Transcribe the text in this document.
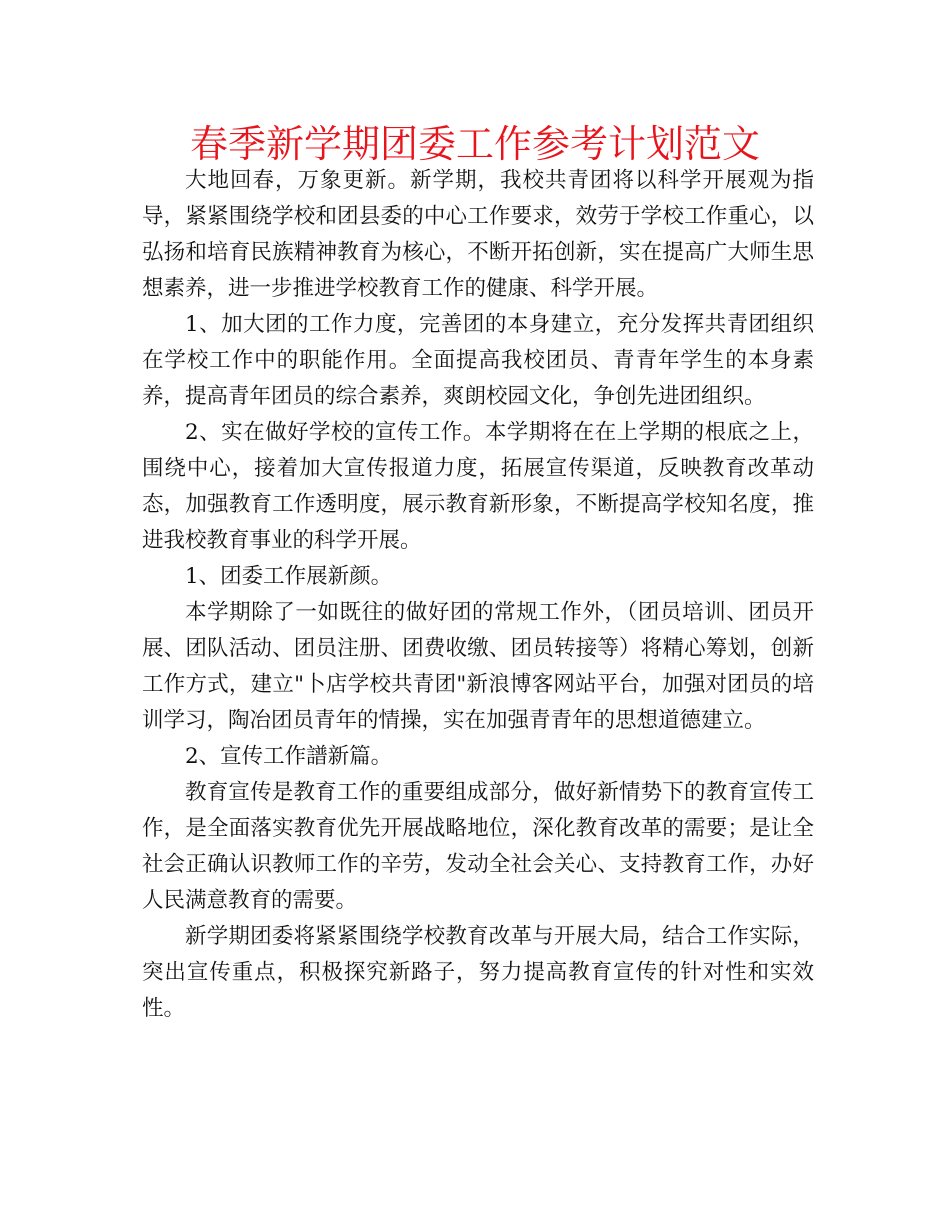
春季新学期团委工作参考计划范文

大地回春，万象更新。新学期，我校共青团将以科学开展观为指导，紧紧围绕学校和团县委的中心工作要求，效劳于学校工作重心，以弘扬和培育民族精神教育为核心，不断开拓创新，实在提高广大师生思想素养，进一步推进学校教育工作的健康、科学开展。

1、加大团的工作力度，完善团的本身建立，充分发挥共青团组织在学校工作中的职能作用。全面提高我校团员、青青年学生的本身素养，提高青年团员的综合素养，爽朗校园文化，争创先进团组织。

2、实在做好学校的宣传工作。本学期将在在上学期的根底之上，围绕中心，接着加大宣传报道力度，拓展宣传渠道，反映教育改革动态，加强教育工作透明度，展示教育新形象，不断提高学校知名度，推进我校教育事业的科学开展。

1、团委工作展新颜。

本学期除了一如既往的做好团的常规工作外，（团员培训、团员开展、团队活动、团员注册、团费收缴、团员转接等）将精心筹划，创新工作方式，建立"卜店学校共青团"新浪博客网站平台，加强对团员的培训学习，陶冶团员青年的情操，实在加强青青年的思想道德建立。

2、宣传工作譜新篇。

教育宣传是教育工作的重要组成部分，做好新情势下的教育宣传工作，是全面落实教育优先开展战略地位，深化教育改革的需要；是让全社会正确认识教师工作的辛劳，发动全社会关心、支持教育工作，办好人民满意教育的需要。

新学期团委将紧紧围绕学校教育改革与开展大局，结合工作实际，突出宣传重点，积极探究新路子，努力提高教育宣传的针对性和实效性。
